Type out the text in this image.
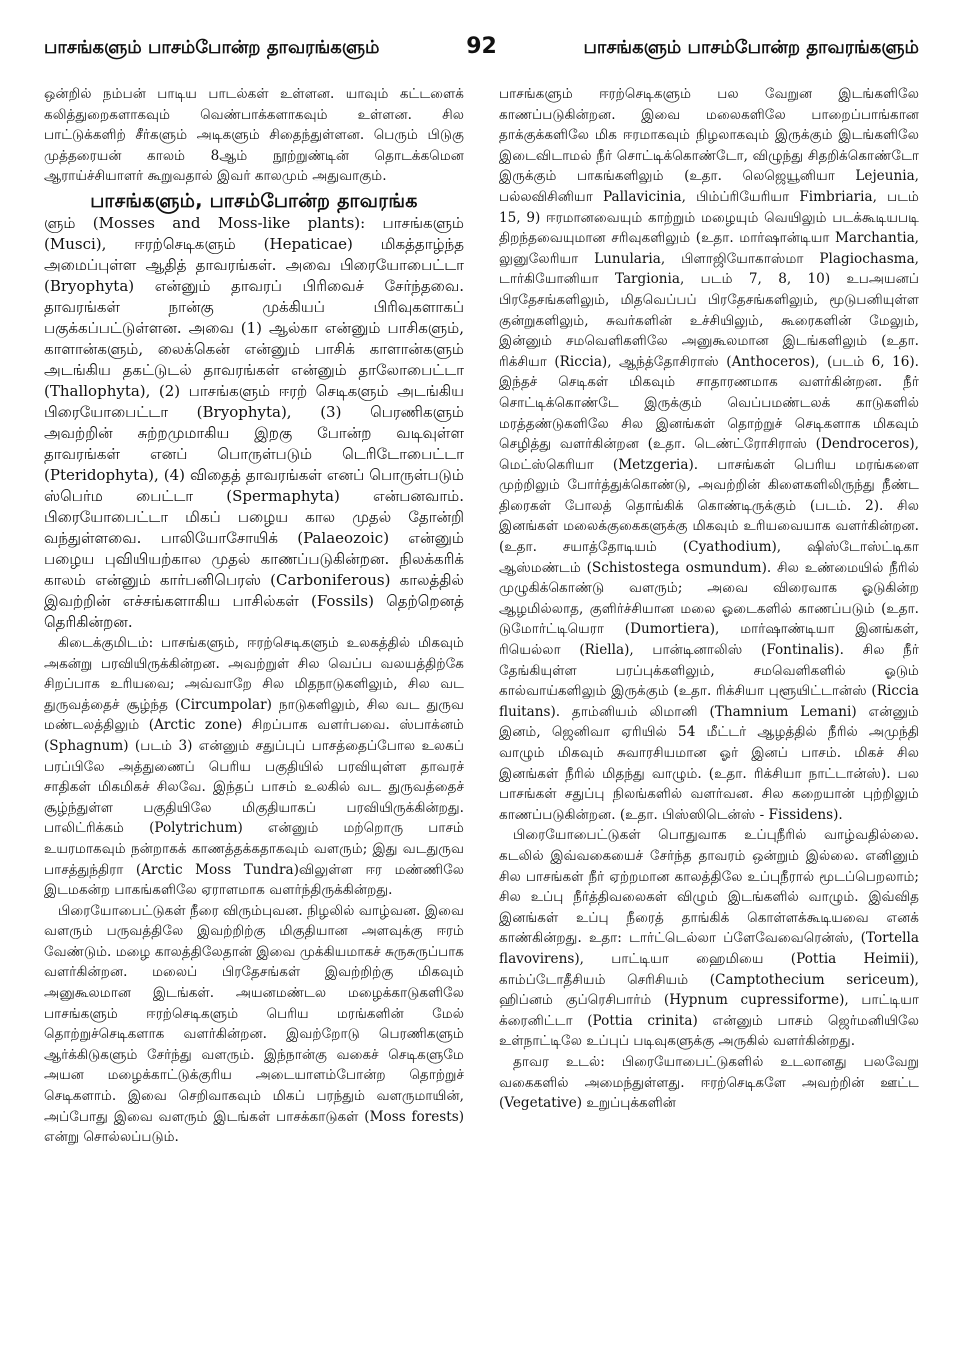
பாசங்களும் பாசம்போன்ற தாவரங்களும்	92	பாசங்களும் பாசம்போன்ற தாவரங்களும்

ஒன்றில் நம்பன் பாடிய பாடல்கள் உள்ளன. யாவும் கட்டளைக் கலித்துறைகளாகவும் வெண்பாக்களாகவும் உள்ளன. சில பாட்டுக்களிற் சீர்களும் அடிகளும் சிதைந்துள்ளன. பெரும் பிடுகு முத்தரையன் காலம் 8ஆம் நூற்றுண்டின் தொடக்கமென ஆராய்ச்சியாளர் கூறுவதால் இவர் காலமும் அதுவாகும்.

பாசங்களும், பாசம்போன்ற தாவரங்க

ளும் (Mosses and Moss-like plants): பாசங்களும் (Musci), ஈரற்செடிகளும் (Hepaticae) மிகத்தாழ்ந்த அமைப்புள்ள ஆதித் தாவரங்கள். அவை பிரையோபைட்டா (Bryophyta) என்னும் தாவரப் பிரிவைச் சேர்ந்தவை. தாவரங்கள் நான்கு முக்கியப் பிரிவுகளாகப் பகுக்கப்பட்டுள்ளன. அவை (1) ஆல்கா என்னும் பாசிகளும், காளான்களும், லைக்கென் என்னும் பாசிக் காளான்களும் அடங்கிய தகட்டுடல் தாவரங்கள் என்னும் தாலோபைட்டா (Thallophyta), (2) பாசங்களும் ஈரற் செடிகளும் அடங்கிய பிரையோபைட்டா (Bryophyta), (3) பெரணிகளும் அவற்றின் சுற்றமுமாகிய இறகு போன்ற வடிவுள்ள தாவரங்கள் எனப் பொருள்படும் டெரிடோபைட்டா (Pteridophyta), (4) விதைத் தாவரங்கள் எனப் பொருள்படும் ஸ்பெர்ம பைட்டா (Spermaphyta) என்பனவாம். பிரையோபைட்டா மிகப் பழைய கால முதல் தோன்றி வந்துள்ளவை. பாலியோசோயிக் (Palaeozoic) என்னும் பழைய புவியியற்கால முதல் காணப்படுகின்றன. நிலக்கரிக் காலம் என்னும் கார்பனிபெரஸ் (Carboniferous) காலத்தில் இவற்றின் எச்சங்களாகிய பாசில்கள் (Fossils) தெற்றெனத் தெரிகின்றன.

கிடைக்குமிடம்: பாசங்களும், ஈரற்செடிகளும் உலகத்தில் மிகவும் அகன்று பரவியிருக்கின்றன. அவற்றுள் சில வெப்ப வலயத்திற்கே சிறப்பாக உரியவை; அவ்வாறே சில மிதநாடுகளிலும், சில வட துருவத்தைச் சூழ்ந்த (Circumpolar) நாடுகளிலும், சில வட துருவ மண்டலத்திலும் (Arctic zone) சிறப்பாக வளர்பவை. ஸ்பாக்னம் (Sphagnum) (படம் 3) என்னும் சதுப்புப் பாசத்தைப்போல உலகப் பரப்பிலே அத்துணைப் பெரிய பகுதியில் பரவியுள்ள தாவரச் சாதிகள் மிகமிகச் சிலவே. இந்தப் பாசம் உலகில் வட துருவத்தைச் சூழ்ந்துள்ள பகுதியிலே மிகுதியாகப் பரவியிருக்கின்றது. பாலிட்ரிக்கம் (Polytrichum) என்னும் மற்றொரு பாசம் உயரமாகவும் நன்றாகக் காணத்தக்கதாகவும் வளரும்; இது வடதுருவ பாசத்துந்திரா (Arctic Moss Tundra)விலுள்ள ஈர மண்ணிலே இடமகன்ற பாகங்களிலே ஏராளமாக வளர்ந்திருக்கின்றது.

பிரையோபைட்டுகள் நீரை விரும்புவன. நிழலில் வாழ்வன. இவை வளரும் பருவத்திலே இவற்றிற்கு மிகுதியான அளவுக்கு ஈரம் வேண்டும். மழை காலத்திலேதான் இவை முக்கியமாகச் சுருசுருப்பாக வளர்கின்றன. மலைப் பிரதேசங்கள் இவற்றிற்கு மிகவும் அனுகூலமான இடங்கள். அயனமண்டல மழைக்காடுகளிலே பாசங்களும் ஈரற்செடிகளும் பெரிய மரங்களின் மேல் தொற்றுச்செடிகளாக வளர்கின்றன. இவற்றோடு பெரணிகளும் ஆர்க்கிடுகளும் சேர்ந்து வளரும். இந்நான்கு வகைச் செடிகளுமே அயன மழைக்காட்டுக்குரிய அடையாளம்போன்ற தொற்றுச் செடிகளாம். இவை செறிவாகவும் மிகப் பரந்தும் வளருமாயின், அப்போது இவை வளரும் இடங்கள் பாசக்காடுகள் (Moss forests) என்று சொல்லப்படும்.

பாசங்களும் ஈரற்செடிகளும் பல வேறுன இடங்களிலே காணப்படுகின்றன. இவை மலைகளிலே பாறைப்பாங்கான தாக்குக்களிலே மிக ஈரமாகவும் நிழலாகவும் இருக்கும் இடங்களிலே இடைவிடாமல் நீர் சொட்டிக்கொண்டோ, விழுந்து சிதறிக்கொண்டோ இருக்கும் பாகங்களிலும் (உதா. லெஜெயூனியா Lejeunia, பல்லவிசினியா Pallavicinia, பிம்ப்ரியேரியா Fimbriaria, படம் 15, 9) ஈரமானவையும் காற்றும் மழையும் வெயிலும் படக்கூடியபடி திறந்தவையுமான சரிவுகளிலும் (உதா. மார்ஷான்டியா Marchantia, லுனுலேரியா Lunularia, பிளாஜியோகாஸ்மா Plagiochasma, டார்கியோனியா Targionia, படம் 7, 8, 10) உபஅயனப் பிரதேசங்களிலும், மிதவெப்பப் பிரதேசங்களிலும், மூடுபனியுள்ள குன்றுகளிலும், சுவர்களின் உச்சியிலும், கூரைகளின் மேலும், இன்னும் சமவெளிகளிலே அனுகூலமான இடங்களிலும் (உதா. ரிக்சியா (Riccia), ஆந்த்தோசிராஸ் (Anthoceros), (படம் 6, 16). இந்தச் செடிகள் மிகவும் சாதாரணமாக வளர்கின்றன. நீர் சொட்டிக்கொண்டே இருக்கும் வெப்பமண்டலக் காடுகளில் மரத்தண்டுகளிலே சில இனங்கள் தொற்றுச் செடிகளாக மிகவும் செழித்து வளர்கின்றன (உதா. டெண்ட்ரோசிராஸ் (Dendroceros), மெட்ஸ்கெரியா (Metzgeria). பாசங்கள் பெரிய மரங்களை முற்றிலும் போர்த்துக்கொண்டு, அவற்றின் கிளைகளிலிருந்து நீண்ட திரைகள் போலத் தொங்கிக் கொண்டிருக்கும் (படம். 2). சில இனங்கள் மலைக்குகைகளுக்கு மிகவும் உரியவையாக வளர்கின்றன. (உதா. சயாத்தோடியம் (Cyathodium), ஷிஸ்டோஸ்ட்டிகா ஆஸ்மண்டம் (Schistostega osmundum). சில உண்மையில் நீரில் முழுகிக்கொண்டு வளரும்; அவை விரைவாக ஓடுகின்ற ஆழமில்லாத, குளிர்ச்சியான மலை ஓடைகளில் காணப்படும் (உதா. டுமோர்ட்டியெரா (Dumortiera), மார்ஷாண்டியா இனங்கள், ரியெல்லா (Riella), பான்டினாலிஸ் (Fontinalis). சில நீர் தேங்கியுள்ள பரப்புக்களிலும், சமவெளிகளில் ஓடும் கால்வாய்களிலும் இருக்கும் (உதா. ரிக்சியா புளூயிட்டான்ஸ் (Riccia fluitans). தாம்னியம் லிமானி (Thamnium Lemani) என்னும் இனம், ஜெனிவா ஏரியில் 54 மீட்டர் ஆழத்தில் நீரில் அமுந்தி வாழும் மிகவும் சுவாரசியமான ஓர் இனப் பாசம். மிகச் சில இனங்கள் நீரில் மிதந்து வாழும். (உதா. ரிக்சியா நாட்டான்ஸ்). பல பாசங்கள் சதுப்பு நிலங்களில் வளர்வன. சில கறையான் புற்றிலும் காணப்படுகின்றன. (உதா. பிஸ்ஸிடென்ஸ் - Fissidens).

பிரையோபைட்டுகள் பொதுவாக உப்புநீரில் வாழ்வதில்லை. கடலில் இவ்வகையைச் சேர்ந்த தாவரம் ஒன்றும் இல்லை. எனினும் சில பாசங்கள் நீர் ஏற்றமான காலத்திலே உப்புநீரால் மூடப்பெறலாம்; சில உப்பு நீர்த்திவலைகள் விழும் இடங்களில் வாழும். இவ்வித இனங்கள் உப்பு நீரைத் தாங்கிக் கொள்ளக்கூடியவை எனக் காண்கின்றது. உதா: டார்ட்டெல்லா ப்ளேவேவைரென்ஸ், (Tortella flavovirens), பாட்டியா ஹைமியை (Pottia Heimii), காம்ப்டோதீசியம் செரிசியம் (Camptothecium sericeum), ஹிப்னம் குப்ரெசிபார்ம் (Hypnum cupressiforme), பாட்டியா க்ரைனிட்டா (Pottia crinita) என்னும் பாசம் ஜெர்மனியிலே உள்நாட்டிலே உப்புப் படிவுகளுக்கு அருகில் வளர்கின்றது.

தாவர உடல்: பிரையோபைட்டுகளில் உடலானது பலவேறு வகைகளில் அமைந்துள்ளது. ஈரற்செடிகளே அவற்றின் ஊட்ட (Vegetative) உறுப்புக்களின்
